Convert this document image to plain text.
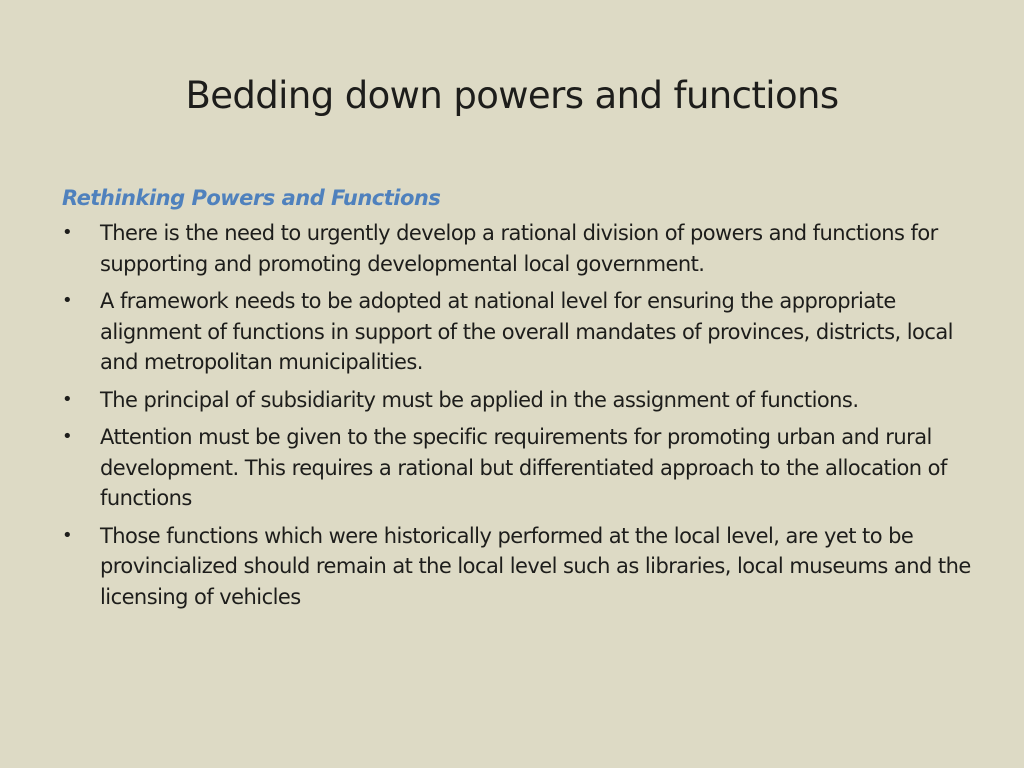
Bedding down powers and functions
Rethinking Powers and Functions
•	There is the need to urgently develop a rational division of powers and functions for supporting and promoting developmental local government.
•	A framework needs to be adopted at national level for ensuring the appropriate alignment of functions in support of the overall mandates of provinces, districts, local and metropolitan municipalities.
•	The principal of subsidiarity must be applied in the assignment of functions.
•	Attention must be given to the specific requirements for promoting urban and rural development. This requires a rational but differentiated approach to the allocation of functions
•	Those functions which were historically performed at the local level, are yet to be provincialized should remain at the local level such as libraries, local museums and the licensing of vehicles
